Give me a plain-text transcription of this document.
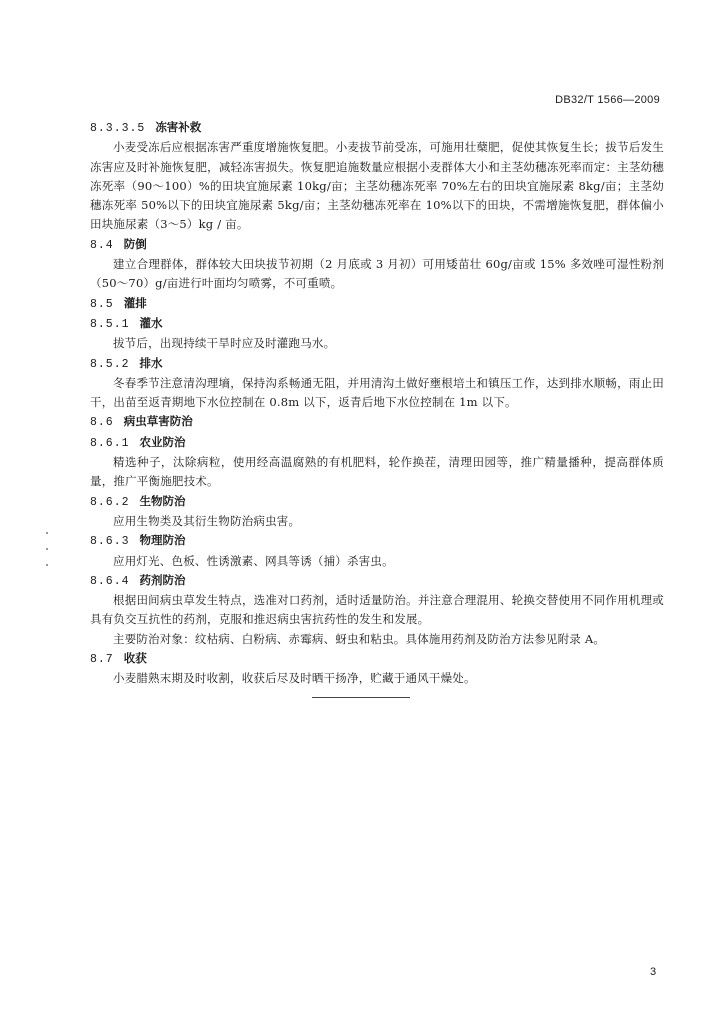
DB32/T 1566—2009
8.3.3.5 冻害补救

小麦受冻后应根据冻害严重度增施恢复肥。小麦拔节前受冻，可施用壮蘖肥，促使其恢复生长；拔节后发生冻害应及时补施恢复肥，减轻冻害损失。恢复肥追施数量应根据小麦群体大小和主茎幼穗冻死率而定：主茎幼穗冻死率（90～100）%的田块宜施尿素 10kg/亩；主茎幼穗冻死率 70%左右的田块宜施尿素 8kg/亩；主茎幼穗冻死率 50%以下的田块宜施尿素 5kg/亩；主茎幼穗冻死率在 10%以下的田块，不需增施恢复肥，群体偏小田块施尿素（3～5）kg / 亩。

8.4 防倒

建立合理群体，群体较大田块拔节初期（2 月底或 3 月初）可用矮苗壮 60g/亩或 15% 多效唑可湿性粉剂（50～70）g/亩进行叶面均匀喷雾，不可重喷。

8.5 灌排
8.5.1 灌水

拔节后，出现持续干旱时应及时灌跑马水。

8.5.2 排水

冬春季节注意清沟理墒，保持沟系畅通无阻，并用清沟土做好壅根培土和镇压工作，达到排水顺畅，雨止田干，出苗至返青期地下水位控制在 0.8m 以下，返青后地下水位控制在 1m 以下。

8.6 病虫草害防治
8.6.1 农业防治

精选种子，汰除病粒，使用经高温腐熟的有机肥料，轮作换茬，清理田园等，推广精量播种，提高群体质量，推广平衡施肥技术。

8.6.2 生物防治

应用生物类及其衍生物防治病虫害。

8.6.3 物理防治

应用灯光、色板、性诱激素、网具等诱（捕）杀害虫。

8.6.4 药剂防治

根据田间病虫草发生特点，选准对口药剂，适时适量防治。并注意合理混用、轮换交替使用不同作用机理或具有负交互抗性的药剂，克服和推迟病虫害抗药性的发生和发展。

主要防治对象：纹枯病、白粉病、赤霉病、蚜虫和粘虫。具体施用药剂及防治方法参见附录 A。

8.7 收获

小麦腊熟末期及时收割，收获后尽及时晒干扬净，贮藏于通风干燥处。

3
